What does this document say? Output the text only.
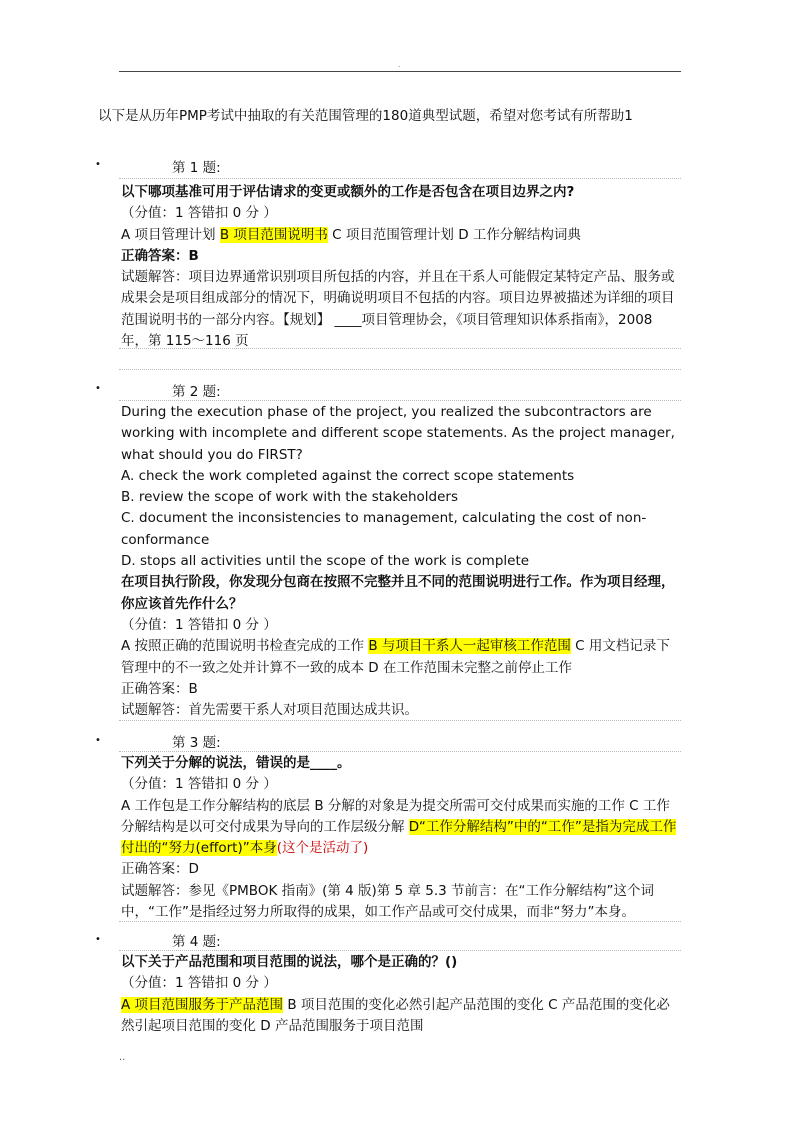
.
以下是从历年PMP考试中抽取的有关范围管理的180道典型试题，希望对您考试有所帮助1
•	第 1 题:

以下哪项基准可用于评估请求的变更或额外的工作是否包含在项目边界之内?

（分值：1 答错扣 0 分 ）

A 项目管理计划 B 项目范围说明书 C 项目范围管理计划 D 工作分解结构词典

正确答案：B

试题解答：项目边界通常识别项目所包括的内容，并且在干系人可能假定某特定产品、服务或成果会是项目组成部分的情况下，明确说明项目不包括的内容。项目边界被描述为详细的项目范围说明书的一部分内容。【规划】 ____项目管理协会，《项目管理知识体系指南》，2008 年，第 115～116 页

•	第 2 题:

During the execution phase of the project, you realized the subcontractors are working with incomplete and different scope statements. As the project manager, what should you do FIRST?

A. check the work completed against the correct scope statements

B. review the scope of work with the stakeholders

C. document the inconsistencies to management, calculating the cost of non-conformance

D. stops all activities until the scope of the work is complete

在项目执行阶段，你发现分包商在按照不完整并且不同的范围说明进行工作。作为项目经理，你应该首先作什么？

（分值：1 答错扣 0 分 ）

A 按照正确的范围说明书检查完成的工作 B 与项目干系人一起审核工作范围 C 用文档记录下管理中的不一致之处并计算不一致的成本 D 在工作范围未完整之前停止工作

正确答案：B

试题解答：首先需要干系人对项目范围达成共识。

•	第 3 题:

下列关于分解的说法，错误的是____。

（分值：1 答错扣 0 分 ）

A 工作包是工作分解结构的底层 B 分解的对象是为提交所需可交付成果而实施的工作 C 工作分解结构是以可交付成果为导向的工作层级分解 D“工作分解结构”中的“工作”是指为完成工作付出的“努力(effort)”本身(这个是活动了)

正确答案：D

试题解答：参见《PMBOK 指南》(第 4 版)第 5 章 5.3 节前言：在“工作分解结构”这个词中，“工作”是指经过努力所取得的成果，如工作产品或可交付成果，而非“努力”本身。

•	第 4 题:

以下关于产品范围和项目范围的说法，哪个是正确的？()

（分值：1 答错扣 0 分 ）

A 项目范围服务于产品范围 B 项目范围的变化必然引起产品范围的变化 C 产品范围的变化必然引起项目范围的变化 D 产品范围服务于项目范围

..
